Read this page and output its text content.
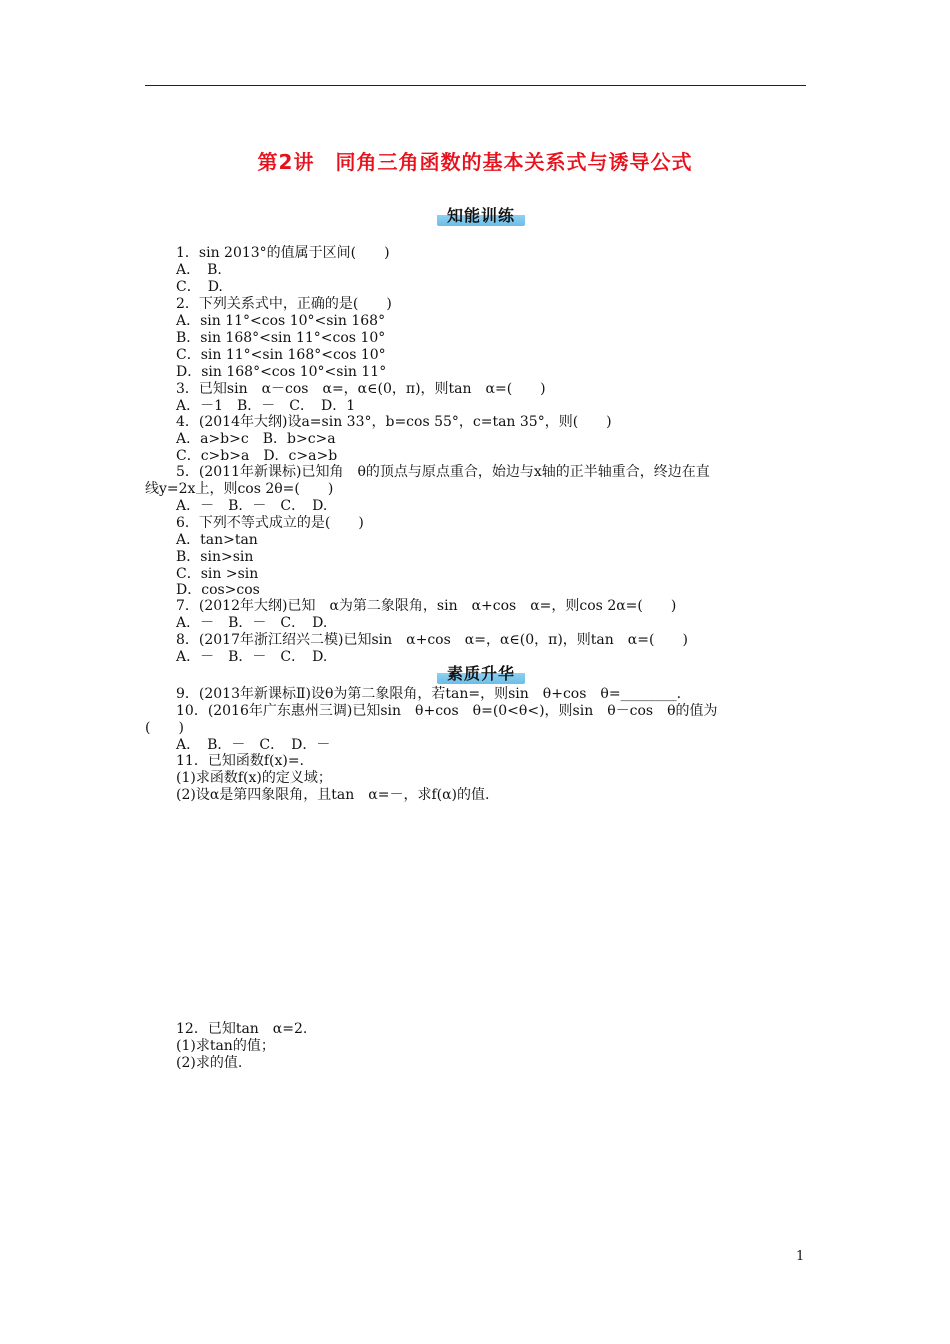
第2讲　同角三角函数的基本关系式与诱导公式
知能训练
1．sin 2013°的值属于区间(　　)
A．　B.
C．　D.
2．下列关系式中，正确的是(　　)
A．sin 11°<cos 10°<sin 168°
B．sin 168°<sin 11°<cos 10°
C．sin 11°<sin 168°<cos 10°
D．sin 168°<cos 10°<sin 11°
3．已知sin　α－cos　α=，α∈(0，π)，则tan　α=(　　)
A．－1　B．－　C．　D．1
4．(2014年大纲)设a=sin 33°，b=cos 55°，c=tan 35°，则(　　)
A．a>b>c　B．b>c>a
C．c>b>a　D．c>a>b
5．(2011年新课标)已知角　θ的顶点与原点重合，始边与x轴的正半轴重合，终边在直
线y=2x上，则cos 2θ=(　　)
A．－　B．－　C．　D.
6．下列不等式成立的是(　　)
A．tan>tan
B．sin>sin
C．sin >sin
D．cos>cos
7．(2012年大纲)已知　α为第二象限角，sin　α+cos　α=，则cos 2α=(　　)
A．－　B．－　C．　D.
8．(2017年浙江绍兴二模)已知sin　α+cos　α=，α∈(0，π)，则tan　α=(　　)
A．－　B．－　C．　D.
素质升华
9．(2013年新课标Ⅱ)设θ为第二象限角，若tan=，则sin　θ+cos　θ=________.
10．(2016年广东惠州三调)已知sin　θ+cos　θ=(0<θ<)，则sin　θ－cos　θ的值为
(　　)
A．　B．－　C．　D．－
11．已知函数f(x)=.
(1)求函数f(x)的定义域；
(2)设α是第四象限角，且tan　α=－，求f(α)的值.
12．已知tan　α=2.
(1)求tan的值；
(2)求的值.
1
